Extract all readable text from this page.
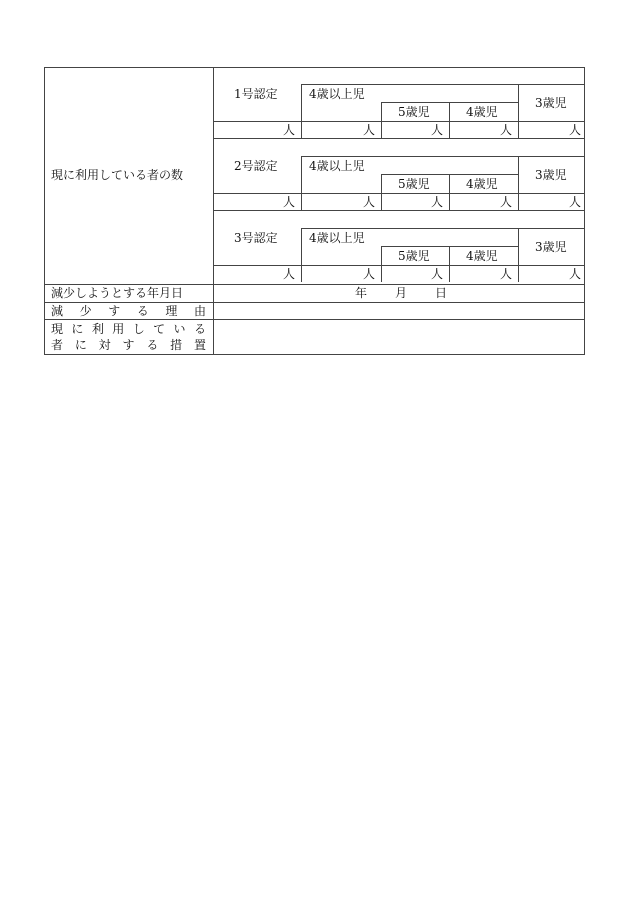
現に利用している者の数
1号認定	4歳以上児
5歳児	4歳児
3歳児
人	人	人	人	人
2号認定	4歳以上児
5歳児	4歳児
3歳児
人	人	人	人	人
3号認定	4歳以上児
5歳児	4歳児
3歳児
人	人	人	人	人
減少しようとする年月日	年 月 日
減 少 す る 理 由
現 に 利 用 し て い る
者 に 対 す る 措 置
